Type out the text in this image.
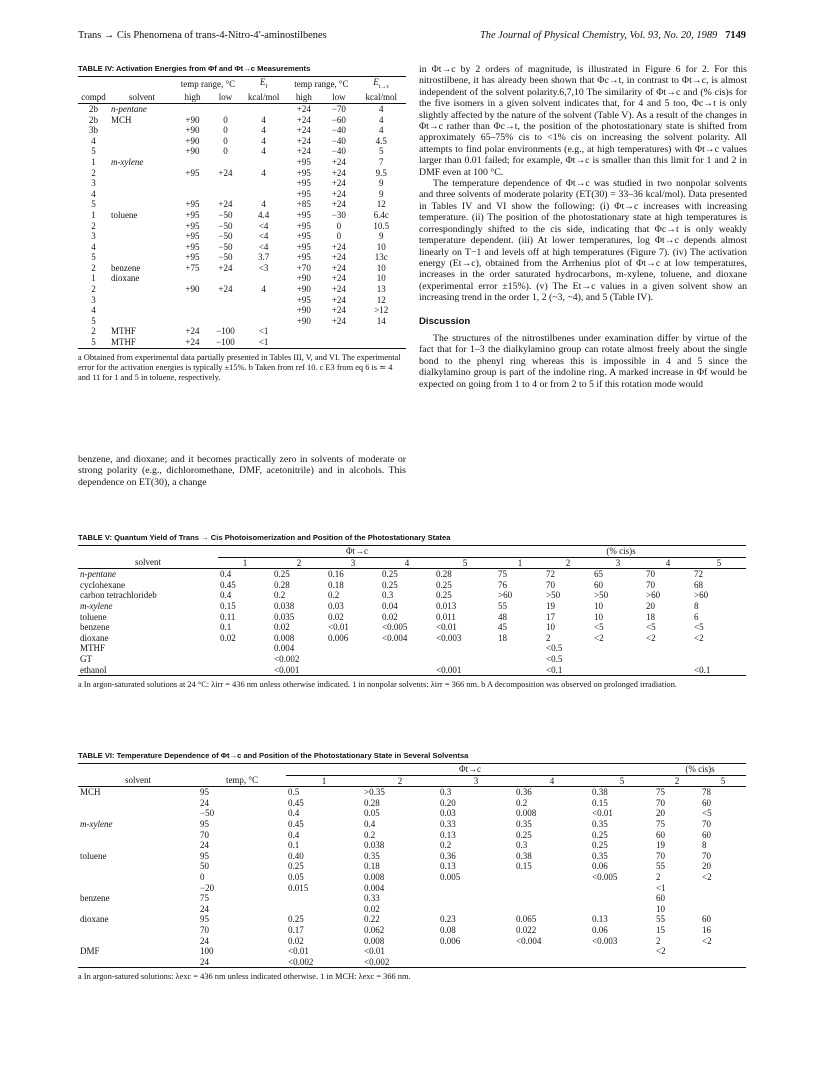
Trans → Cis Phenomena of trans-4-Nitro-4′-aminostilbenes	The Journal of Physical Chemistry, Vol. 93, No. 20, 1989 7149
TABLE IV: Activation Energies from Φf and Φt→c Measurements
		temp range, °C		$E_f$	temp range, °C		$E_{t\to c}$
compd	solvent	high	low	kcal/mol	high	low	kcal/mol
2b	n-pentane				+24	−70	4
2b	MCH	+90	0	4	+24	−60	4
3b		+90	0	4	+24	−40	4
4		+90	0	4	+24	−40	4.5
5		+90	0	4	+24	−40	5
1	m-xylene				+95	+24	7
2		+95	+24	4	+95	+24	9.5
3					+95	+24	9
4					+95	+24	9
5		+95	+24	4	+85	+24	12
1	toluene	+95	−50	4.4	+95	−30	6.4c
2		+95	−50	<4	+95	0	10.5
3		+95	−50	<4	+95	0	9
4		+95	−50	<4	+95	+24	10
5		+95	−50	3.7	+95	+24	13c
2	benzene	+75	+24	<3	+70	+24	10
1	dioxane				+90	+24	10
2		+90	+24	4	+90	+24	13
3					+95	+24	12
4					+90	+24	>12
5					+90	+24	14
2	MTHF	+24	−100	<1			
5	MTHF	+24	−100	<1			
a Obtained from experimental data partially presented in Tables III, V, and VI. The experimental error for the activation energies is typically ±15%. b Taken from ref 10. c E3 from eq 6 is ≃ 4 and 11 for 1 and 5 in toluene, respectively.
benzene, and dioxane; and it becomes practically zero in solvents of moderate or strong polarity (e.g., dichloromethane, DMF, acetonitrile) and in alcohols. This dependence on ET(30), a change

in Φt→c by 2 orders of magnitude, is illustrated in Figure 6 for 2. For this nitrostilbene, it has already been shown that Φc→t, in contrast to Φt→c, is almost independent of the solvent polarity.6,7,10 The similarity of Φt→c and (% cis)s for the five isomers in a given solvent indicates that, for 4 and 5 too, Φc→t is only slightly affected by the nature of the solvent (Table V). As a result of the changes in Φt→c rather than Φc→t, the position of the photostationary state is shifted from approximately 65–75% cis to <1% cis on increasing the solvent polarity. All attempts to find polar environments (e.g., at high temperatures) with Φt→c values larger than 0.01 failed; for example, Φt→c is smaller than this limit for 1 and 2 in DMF even at 100 °C.

The temperature dependence of Φt→c was studied in two nonpolar solvents and three solvents of moderate polarity (ET(30) = 33–36 kcal/mol). Data presented in Tables IV and VI show the following: (i) Φt→c increases with increasing temperature. (ii) The position of the photostationary state at high temperatures is correspondingly shifted to the cis side, indicating that Φc→t is only weakly temperature dependent. (iii) At lower temperatures, log Φt→c depends almost linearly on T−1 and levels off at high temperatures (Figure 7). (iv) The activation energy (Et→c), obtained from the Arrhenius plot of Φt→c at low temperatures, increases in the order saturated hydrocarbons, m-xylene, toluene, and dioxane (experimental error ±15%). (v) The Et→c values in a given solvent show an increasing trend in the order 1, 2 (~3, ~4), and 5 (Table IV).

Discussion

The structures of the nitrostilbenes under examination differ by virtue of the fact that for 1–3 the dialkylamino group can rotate almost freely about the single bond to the phenyl ring whereas this is impossible in 4 and 5 since the dialkylamino group is part of the indoline ring. A marked increase in Φf would be expected on going from 1 to 4 or from 2 to 5 if this rotation mode would

TABLE V: Quantum Yield of Trans → Cis Photoisomerization and Position of the Photostationary Statea
	Φt→c					(% cis)s				
solvent	1	2	3	4	5	1	2	3	4	5
n-pentane	0.4	0.25	0.16	0.25	0.28	75	72	65	70	72
cyclohexane	0.45	0.28	0.18	0.25	0.25	76	70	60	70	68
carbon tetrachlorideb	0.4	0.2	0.2	0.3	0.25	>60	>50	>50	>60	>60
m-xylene	0.15	0.038	0.03	0.04	0.013	55	19	10	20	8
toluene	0.11	0.035	0.02	0.02	0.011	48	17	10	18	6
benzene	0.1	0.02	<0.01	<0.005	<0.01	45	10	<5	<5	<5
dioxane	0.02	0.008	0.006	<0.004	<0.003	18	2	<2	<2	<2
MTHF		0.004					<0.5			
GT		<0.002					<0.5			
ethanol		<0.001			<0.001		<0.1			<0.1
a In argon-saturated solutions at 24 °C: λirr = 436 nm unless otherwise indicated. 1 in nonpolar solvents: λirr = 366 nm. b A decomposition was observed on prolonged irradiation.
TABLE VI: Temperature Dependence of Φt→c and Position of the Photostationary State in Several Solventsa
		Φt→c					(% cis)s	
solvent	temp, °C	1	2	3	4	5	2	5
MCH	95	0.5	>0.35	0.3	0.36	0.38	75	78
	24	0.45	0.28	0.20	0.2	0.15	70	60
	−50	0.4	0.05	0.03	0.008	<0.01	20	<5
m-xylene	95	0.45	0.4	0.33	0.35	0.35	75	70
	70	0.4	0.2	0.13	0.25	0.25	60	60
	24	0.1	0.038	0.2	0.3	0.25	19	8
toluene	95	0.40	0.35	0.36	0.38	0.35	70	70
	50	0.25	0.18	0.13	0.15	0.06	55	20
	0	0.05	0.008	0.005		<0.005	2	<2
	−20	0.015	0.004				<1	
benzene	75		0.33				60	
	24		0.02				10	
dioxane	95	0.25	0.22	0.23	0.065	0.13	55	60
	70	0.17	0.062	0.08	0.022	0.06	15	16
	24	0.02	0.008	0.006	<0.004	<0.003	2	<2
DMF	100	<0.01	<0.01				<2	
	24	<0.002	<0.002					
a In argon-satured solutions: λexc = 436 nm unless indicated otherwise. 1 in MCH: λexc = 366 nm.
